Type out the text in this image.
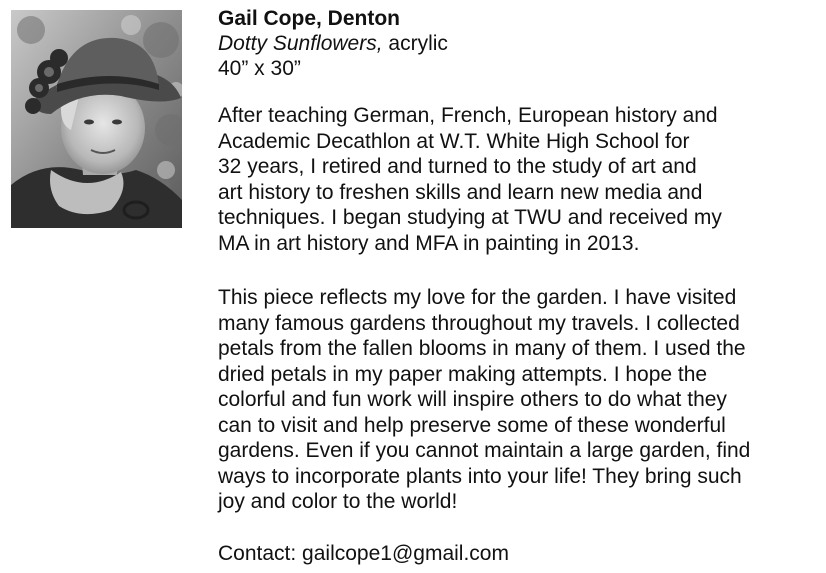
Gail Cope, Denton

Dotty Sunflowers, acrylic

40” x 30”

After teaching German, French, European history and
Academic Decathlon at W.T. White High School for
32 years, I retired and turned to the study of art and
art history to freshen skills and learn new media and
techniques. I began studying at TWU and received my
MA in art history and MFA in painting in 2013.

This piece reflects my love for the garden. I have visited
many famous gardens throughout my travels. I collected
petals from the fallen blooms in many of them. I used the
dried petals in my paper making attempts. I hope the
colorful and fun work will inspire others to do what they
can to visit and help preserve some of these wonderful
gardens. Even if you cannot maintain a large garden, find
ways to incorporate plants into your life! They bring such
joy and color to the world!

Contact: gailcope1@gmail.com
